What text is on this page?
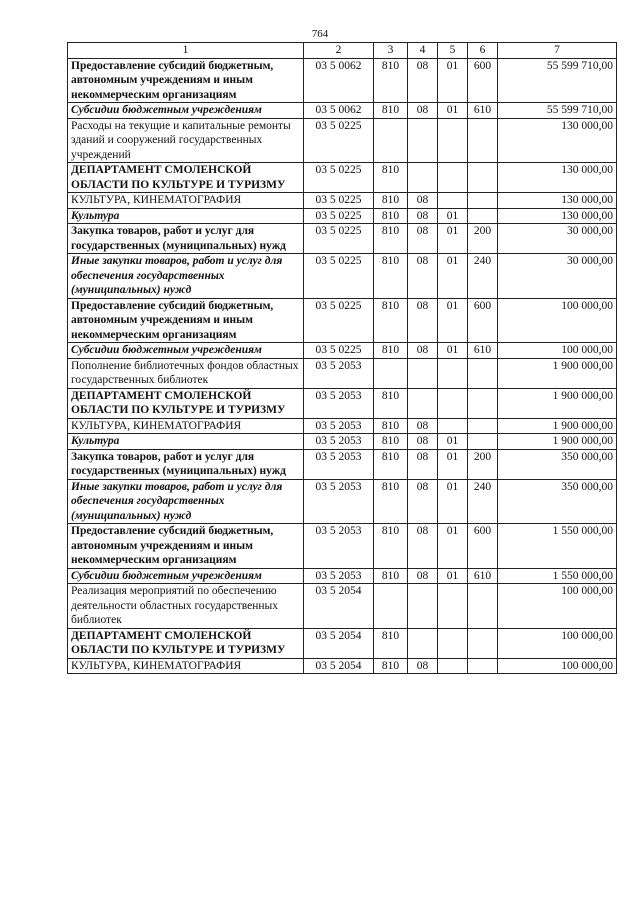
764
1	2	3	4	5	6	7
Предоставление субсидий бюджетным, автономным учреждениям и иным некоммерческим организациям	03 5 0062	810	08	01	600	55 599 710,00
Субсидии бюджетным учреждениям	03 5 0062	810	08	01	610	55 599 710,00
Расходы на текущие и капитальные ремонты зданий и сооружений государственных учреждений	03 5 0225					130 000,00
ДЕПАРТАМЕНТ СМОЛЕНСКОЙ ОБЛАСТИ ПО КУЛЬТУРЕ И ТУРИЗМУ	03 5 0225	810				130 000,00
КУЛЬТУРА, КИНЕМАТОГРАФИЯ	03 5 0225	810	08			130 000,00
Культура	03 5 0225	810	08	01		130 000,00
Закупка товаров, работ и услуг для государственных (муниципальных) нужд	03 5 0225	810	08	01	200	30 000,00
Иные закупки товаров, работ и услуг для обеспечения государственных (муниципальных) нужд	03 5 0225	810	08	01	240	30 000,00
Предоставление субсидий бюджетным, автономным учреждениям и иным некоммерческим организациям	03 5 0225	810	08	01	600	100 000,00
Субсидии бюджетным учреждениям	03 5 0225	810	08	01	610	100 000,00
Пополнение библиотечных фондов областных государственных библиотек	03 5 2053					1 900 000,00
ДЕПАРТАМЕНТ СМОЛЕНСКОЙ ОБЛАСТИ ПО КУЛЬТУРЕ И ТУРИЗМУ	03 5 2053	810				1 900 000,00
КУЛЬТУРА, КИНЕМАТОГРАФИЯ	03 5 2053	810	08			1 900 000,00
Культура	03 5 2053	810	08	01		1 900 000,00
Закупка товаров, работ и услуг для государственных (муниципальных) нужд	03 5 2053	810	08	01	200	350 000,00
Иные закупки товаров, работ и услуг для обеспечения государственных (муниципальных) нужд	03 5 2053	810	08	01	240	350 000,00
Предоставление субсидий бюджетным, автономным учреждениям и иным некоммерческим организациям	03 5 2053	810	08	01	600	1 550 000,00
Субсидии бюджетным учреждениям	03 5 2053	810	08	01	610	1 550 000,00
Реализация мероприятий по обеспечению деятельности областных государственных библиотек	03 5 2054					100 000,00
ДЕПАРТАМЕНТ СМОЛЕНСКОЙ ОБЛАСТИ ПО КУЛЬТУРЕ И ТУРИЗМУ	03 5 2054	810				100 000,00
КУЛЬТУРА, КИНЕМАТОГРАФИЯ	03 5 2054	810	08			100 000,00
